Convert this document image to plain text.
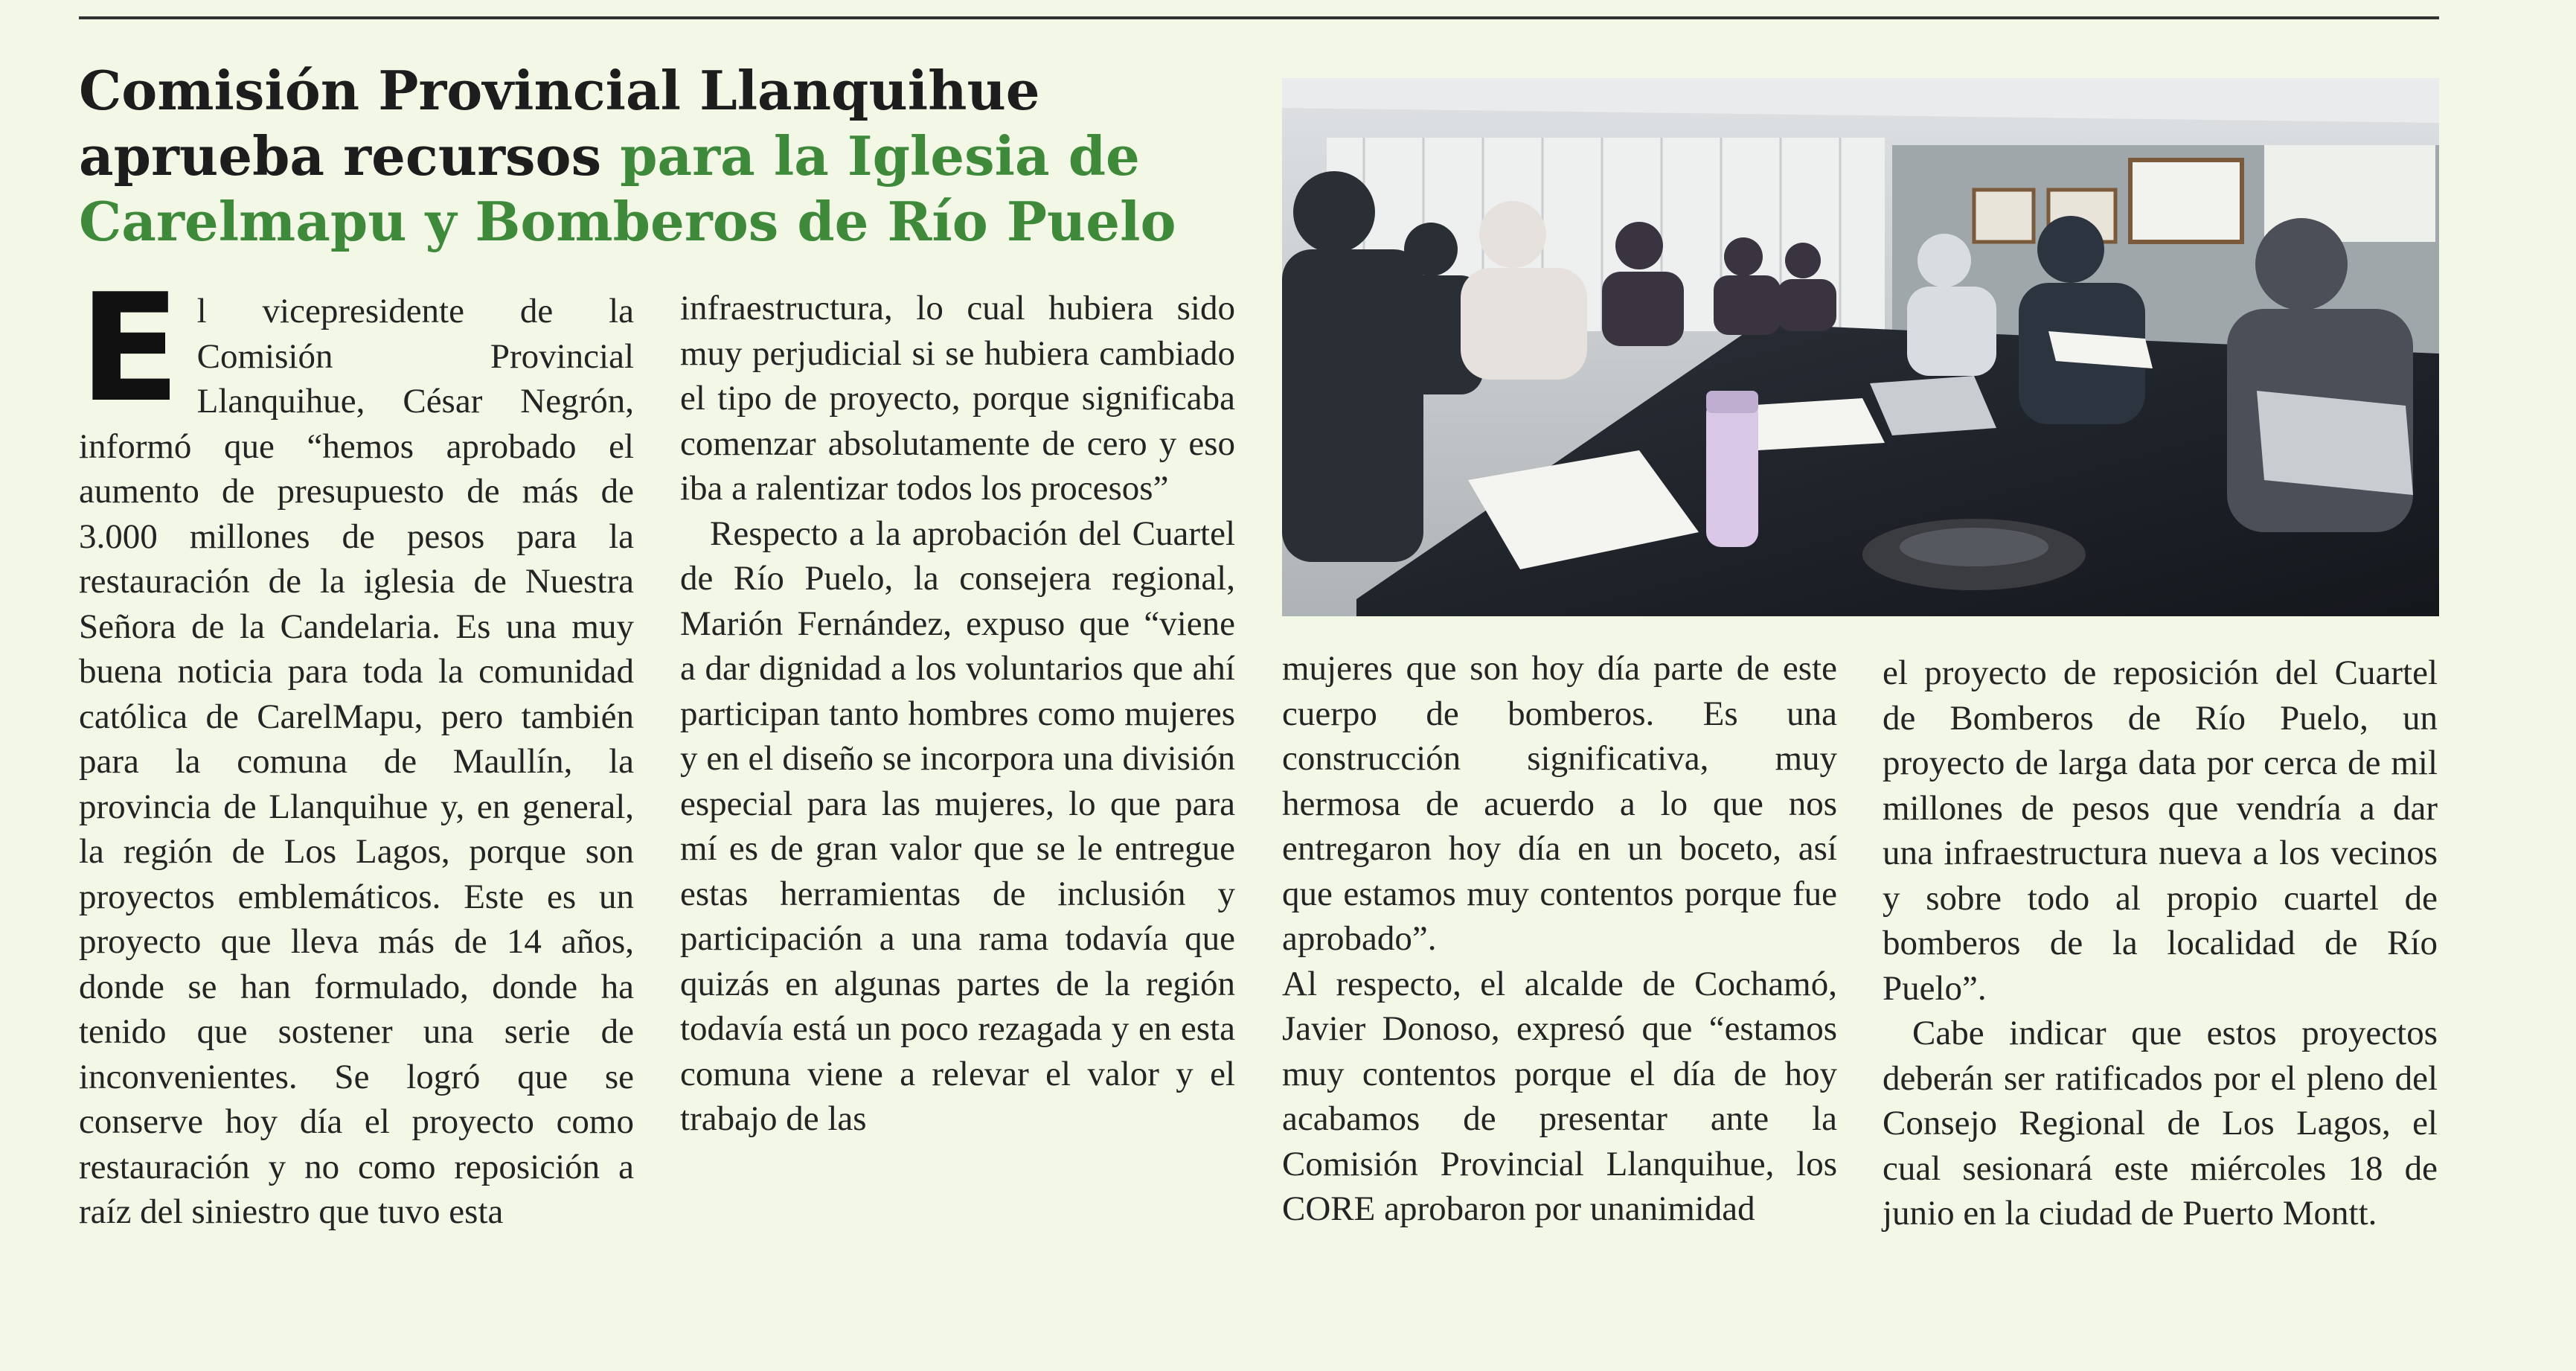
Comisión Provincial Llanquihue aprueba recursos para la Iglesia de Carelmapu y Bomberos de Río Puelo
E l vicepresidente de la Comisión Provincial Llanquihue, César Negrón, informó que “hemos aprobado el aumento de presupuesto de más de 3.000 millones de pesos para la restauración de la iglesia de Nuestra Señora de la Candelaria. Es una muy buena noticia para toda la comunidad católica de CarelMapu, pero también para la comuna de Maullín, la provincia de Llanquihue y, en general, la región de Los Lagos, porque son proyectos emblemáticos. Este es un proyecto que lleva más de 14 años, donde se han formulado, donde ha tenido que sostener una serie de inconvenientes. Se logró que se conserve hoy día el proyecto como restauración y no como reposición a raíz del siniestro que tuvo esta

infraestructura, lo cual hubiera sido muy perjudicial si se hubiera cambiado el tipo de proyecto, porque significaba comenzar absolutamente de cero y eso iba a ralentizar todos los procesos”

Respecto a la aprobación del Cuartel de Río Puelo, la consejera regional, Marión Fernández, expuso que “viene a dar dignidad a los voluntarios que ahí participan tanto hombres como mujeres y en el diseño se incorpora una división especial para las mujeres, lo que para mí es de gran valor que se le entregue estas herramientas de inclusión y participación a una rama todavía que quizás en algunas partes de la región todavía está un poco rezagada y en esta comuna viene a relevar el valor y el trabajo de las

mujeres que son hoy día parte de este cuerpo de bomberos. Es una construcción significativa, muy hermosa de acuerdo a lo que nos entregaron hoy día en un boceto, así que estamos muy contentos porque fue aprobado”.

Al respecto, el alcalde de Cochamó, Javier Donoso, expresó que “estamos muy contentos porque el día de hoy acabamos de presentar ante la Comisión Provincial Llanquihue, los CORE aprobaron por unanimidad

el proyecto de reposición del Cuartel de Bomberos de Río Puelo, un proyecto de larga data por cerca de mil millones de pesos que vendría a dar una infraestructura nueva a los vecinos y sobre todo al propio cuartel de bomberos de la localidad de Río Puelo”.

Cabe indicar que estos proyectos deberán ser ratificados por el pleno del Consejo Regional de Los Lagos, el cual sesionará este miércoles 18 de junio en la ciudad de Puerto Montt.
